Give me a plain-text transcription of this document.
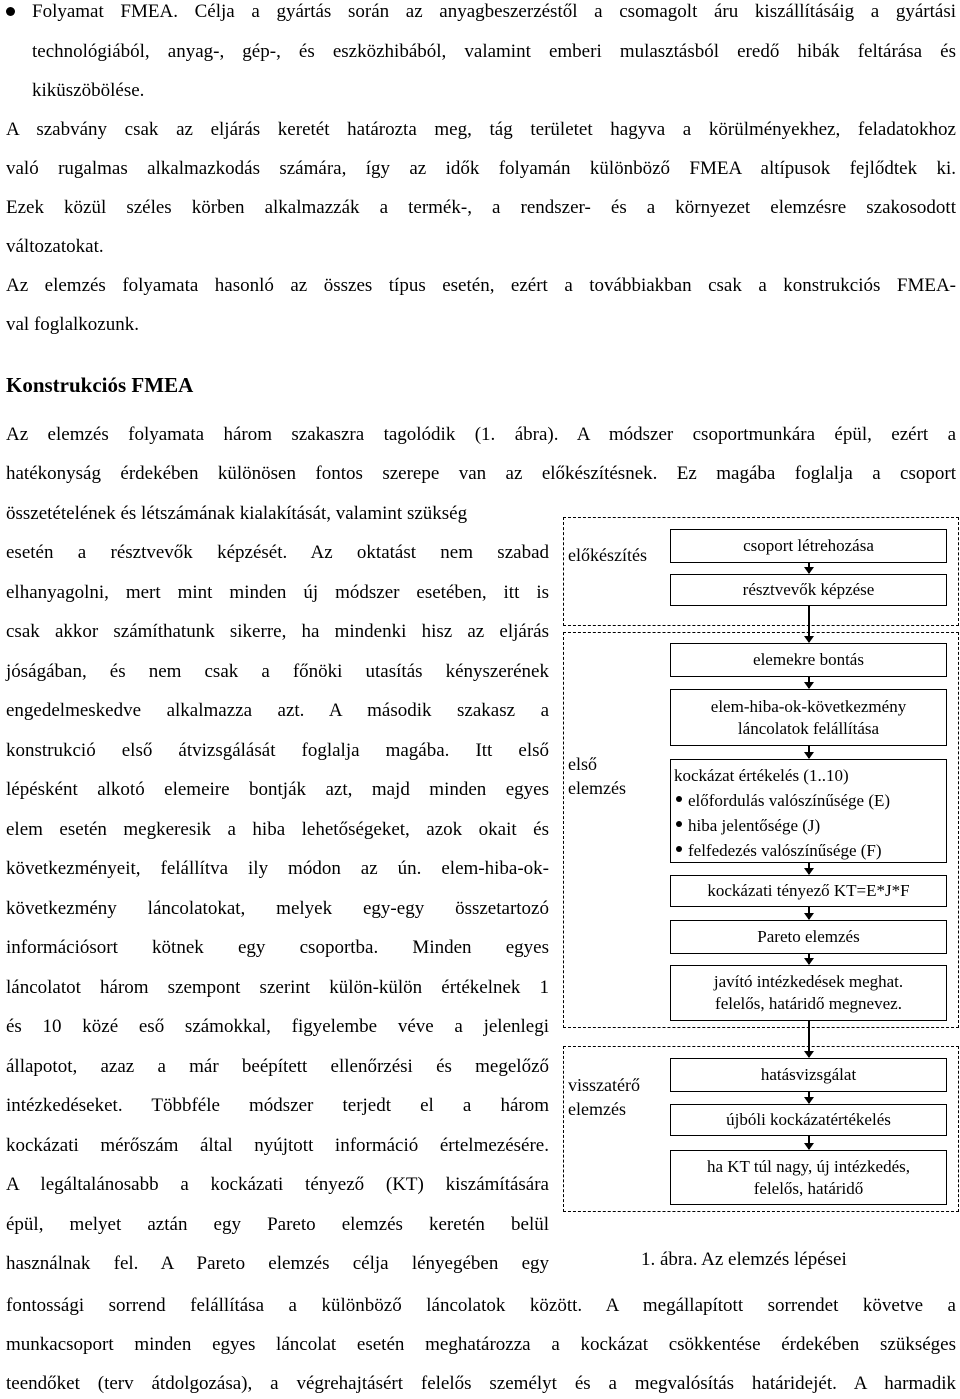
Folyamat FMEA. Célja a gyártás során az anyagbeszerzéstől a csomagolt áru kiszállításáig a gyártási
technológiából, anyag-, gép-, és eszközhibából, valamint emberi mulasztásból eredő hibák feltárása és
kiküszöbölése.
A szabvány csak az eljárás keretét határozta meg, tág területet hagyva a körülményekhez, feladatokhoz
való rugalmas alkalmazkodás számára, így az idők folyamán különböző FMEA altípusok fejlődtek ki.
Ezek közül széles körben alkalmazzák a termék-, a rendszer- és a környezet elemzésre szakosodott
változatokat.
Az elemzés folyamata hasonló az összes típus esetén, ezért a továbbiakban csak a konstrukciós FMEA-
val foglalkozunk.
Konstrukciós FMEA
Az elemzés folyamata három szakaszra tagolódik (1. ábra). A módszer csoportmunkára épül, ezért a
hatékonyság érdekében különösen fontos szerepe van az előkészítésnek. Ez magába foglalja a csoport
összetételének és létszámának kialakítását, valamint szükség
esetén a résztvevők képzését. Az oktatást nem szabad
elhanyagolni, mert mint minden új módszer esetében, itt is
csak akkor számíthatunk sikerre, ha mindenki hisz az eljárás
jóságában, és nem csak a főnöki utasítás kényszerének
engedelmeskedve alkalmazza azt. A második szakasz a
konstrukció első átvizsgálását foglalja magába. Itt első
lépésként alkotó elemeire bontják azt, majd minden egyes
elem esetén megkeresik a hiba lehetőségeket, azok okait és
következményeit, felállítva ily módon az ún. elem-hiba-ok-
következmény láncolatokat, melyek egy-egy összetartozó
információsort kötnek egy csoportba. Minden egyes
láncolatot három szempont szerint külön-külön értékelnek 1
és 10 közé eső számokkal, figyelembe véve a jelenlegi
állapotot, azaz a már beépített ellenőrzési és megelőző
intézkedéseket. Többféle módszer terjedt el a három
kockázati mérőszám által nyújtott információ értelmezésére.
A legáltalánosabb a kockázati tényező (KT) kiszámítására
épül, melyet aztán egy Pareto elemzés keretén belül
használnak fel. A Pareto elemzés célja lényegében egy
fontossági sorrend felállítása a különböző láncolatok között. A megállapított sorrendet követve a
munkacsoport minden egyes láncolat esetén meghatározza a kockázat csökkentése érdekében szükséges
teendőket (terv átdolgozása), a végrehajtásért felelős személyt és a megvalósítás határidejét. A harmadik
előkészítés
első
elemzés
visszatérő
elemzés
csoport létrehozása
résztvevők képzése
elemekre bontás
elem-hiba-ok-következmény
láncolatok felállítása
kockázat értékelés (1..10)
előfordulás valószínűsége (E)
hiba jelentősége (J)
felfedezés valószínűsége (F)
kockázati tényező KT=E*J*F
Pareto elemzés
javító intézkedések meghat.
felelős, határidő megnevez.
hatásvizsgálat
újbóli kockázatértékelés
ha KT túl nagy, új intézkedés,
felelős, határidő
1. ábra. Az elemzés lépései
